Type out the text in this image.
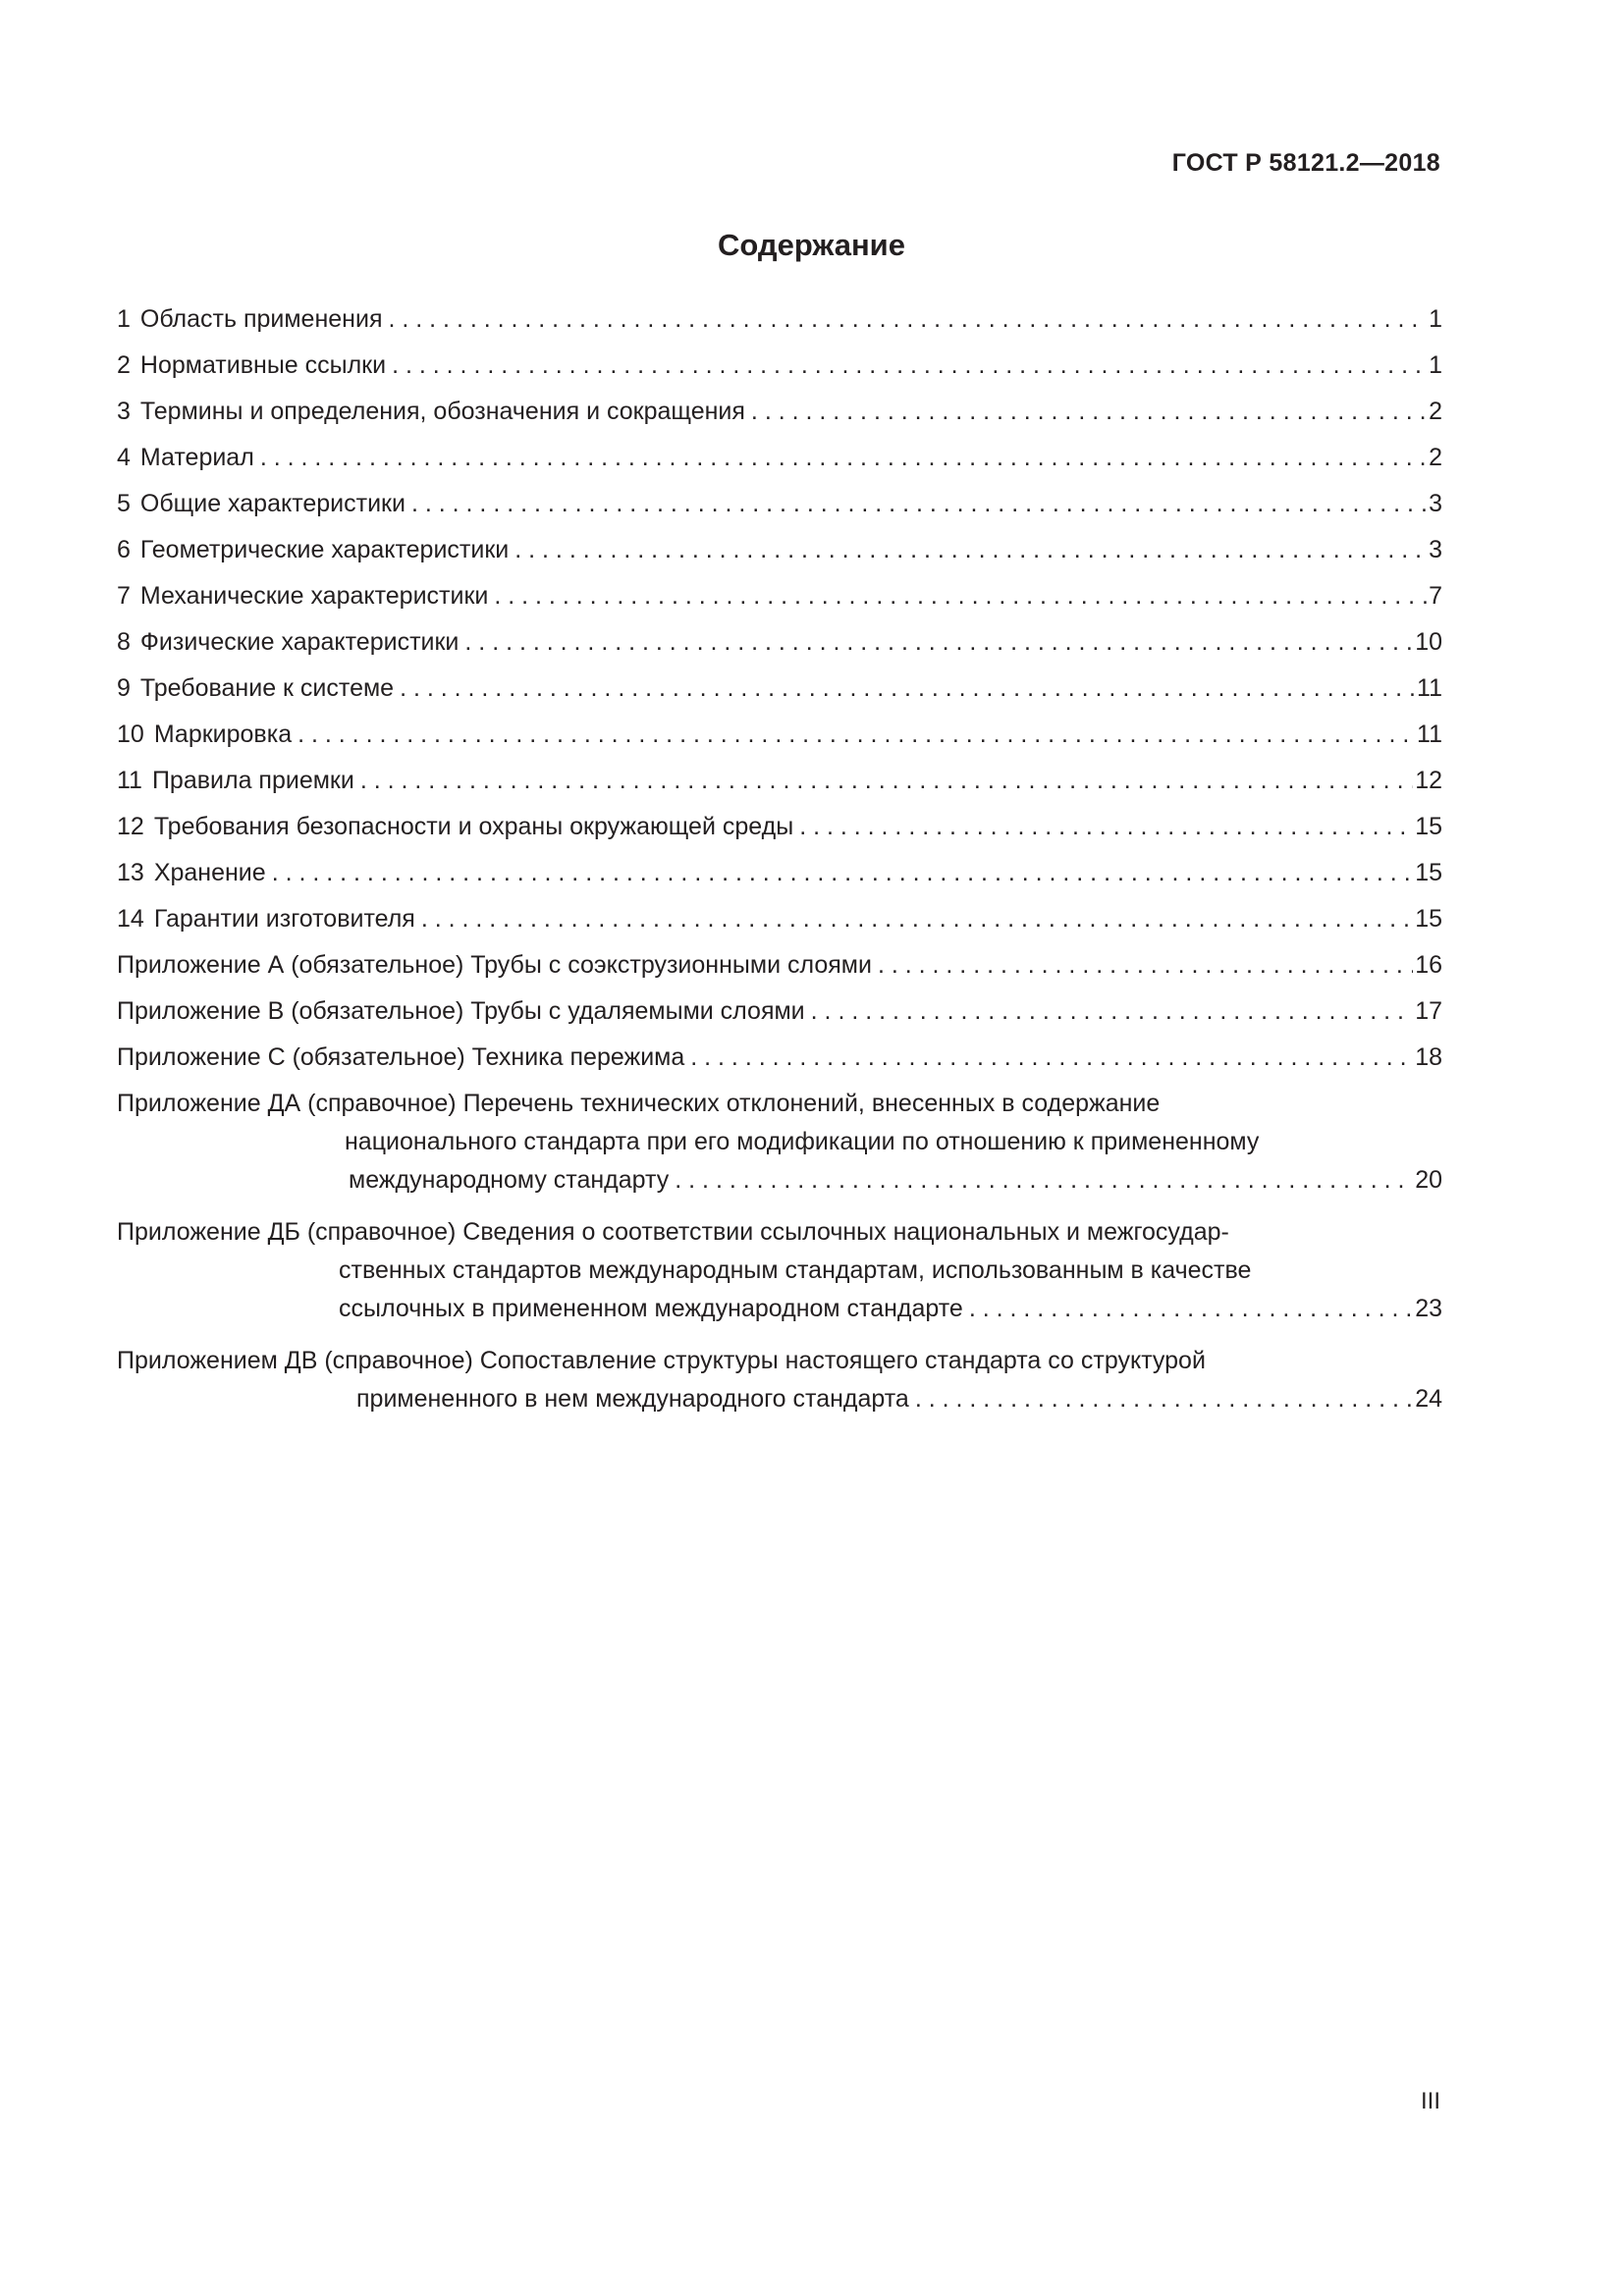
ГОСТ Р 58121.2—2018
Содержание
1 Область применения . . .	1
2 Нормативные ссылки . . .	1
3 Термины и определения, обозначения и сокращения . . .	2
4 Материал . . .	2
5 Общие характеристики . . .	3
6 Геометрические характеристики . . .	3
7 Механические характеристики . . .	7
8 Физические характеристики . . .	10
9 Требование к системе . . .	11
10 Маркировка . . .	11
11 Правила приемки . . .	12
12 Требования безопасности и охраны окружающей среды . . .	15
13 Хранение . . .	15
14 Гарантии изготовителя . . .	15
Приложение А (обязательное) Трубы с соэкструзионными слоями . . .	16
Приложение В (обязательное) Трубы с удаляемыми слоями . . .	17
Приложение С (обязательное) Техника пережима . . .	18
Приложение ДА (справочное) Перечень технических отклонений, внесенных в содержание
национального стандарта при его модификации по отношению к примененному
международному стандарту . . .	20
Приложение ДБ (справочное) Сведения о соответствии ссылочных национальных и межгосудар-
ственных стандартов международным стандартам, использованным в качестве
ссылочных в примененном международном стандарте . . .	23
Приложением ДВ (справочное) Сопоставление структуры настоящего стандарта со структурой
примененного в нем международного стандарта . . .	24
III
